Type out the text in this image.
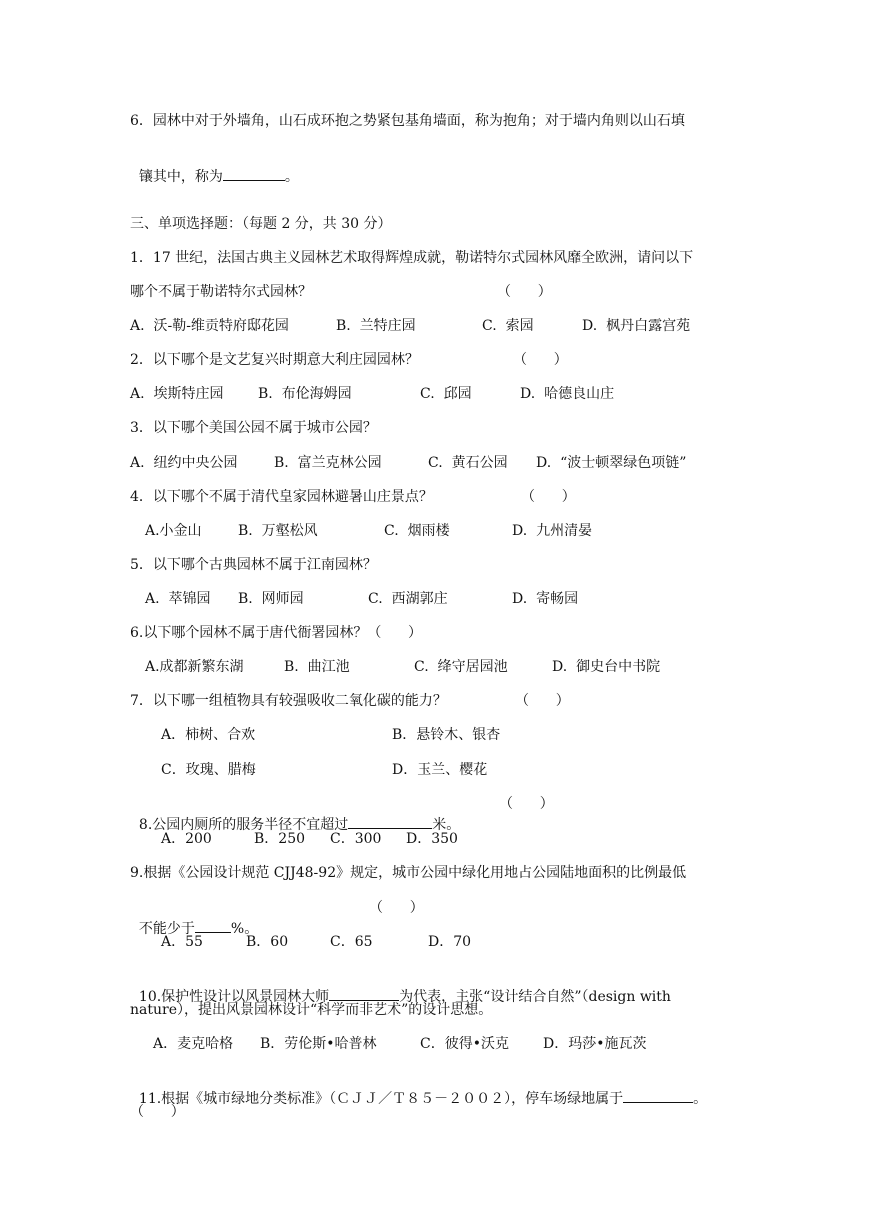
6．园林中对于外墙角，山石成环抱之势紧包基角墙面，称为抱角；对于墙内角则以山石填

镶其中，称为	。

三、单项选择题：（每题 2 分，共 30 分）
1．17 世纪，法国古典主义园林艺术取得辉煌成就，勒诺特尔式园林风靡全欧洲，请问以下
哪个不属于勒诺特尔式园林？	（      ）
A.  沃-勒-维贡特府邸花园	B.  兰特庄园	C.  索园	D.  枫丹白露宫苑
2．以下哪个是文艺复兴时期意大利庄园园林？	（      ）
A.  埃斯特庄园 B.  布伦海姆园	C.  邱园	D.  哈德良山庄
3．以下哪个美国公园不属于城市公园？
A.  纽约中央公园	B.  富兰克林公园	C.  黄石公园 D.  “波士顿翠绿色项链”
4．以下哪个不属于清代皇家园林避暑山庄景点？	（      ）
A.小金山	B.  万壑松风	C.  烟雨楼	D.  九州清晏
5．以下哪个古典园林不属于江南园林？
A.  萃锦园 B.  网师园	C.  西湖郭庄	D.  寄畅园
6.以下哪个园林不属于唐代衙署园林？（      ）
A.成都新繁东湖	B.  曲江池	C.  绛守居园池	D.  御史台中书院
7．以下哪一组植物具有较强吸收二氧化碳的能力？	（      ）
A．柿树、合欢	B．悬铃木、银杏
C．玫瑰、腊梅	D．玉兰、樱花

8.公园内厕所的服务半径不宜超过	米。

（      ）
A．200	B．250 C．300 D．350
9.根据《公园设计规范 CJJ48-92》规定，城市公园中绿化用地占公园陆地面积的比例最低

不能少于	%。

（      ）
A．55	B．60	C．65	D．70

10.保护性设计以风景园林大师	为代表，主张“设计结合自然”（design with

nature），提出风景园林设计“科学而非艺术”的设计思想。
A．麦克哈格 B．劳伦斯•哈普林	C．彼得•沃克 D．玛莎•施瓦茨

11.根据《城市绿地分类标准》（ＣＪＪ／Ｔ８５－２００２），停车场绿地属于	。

（      ）
